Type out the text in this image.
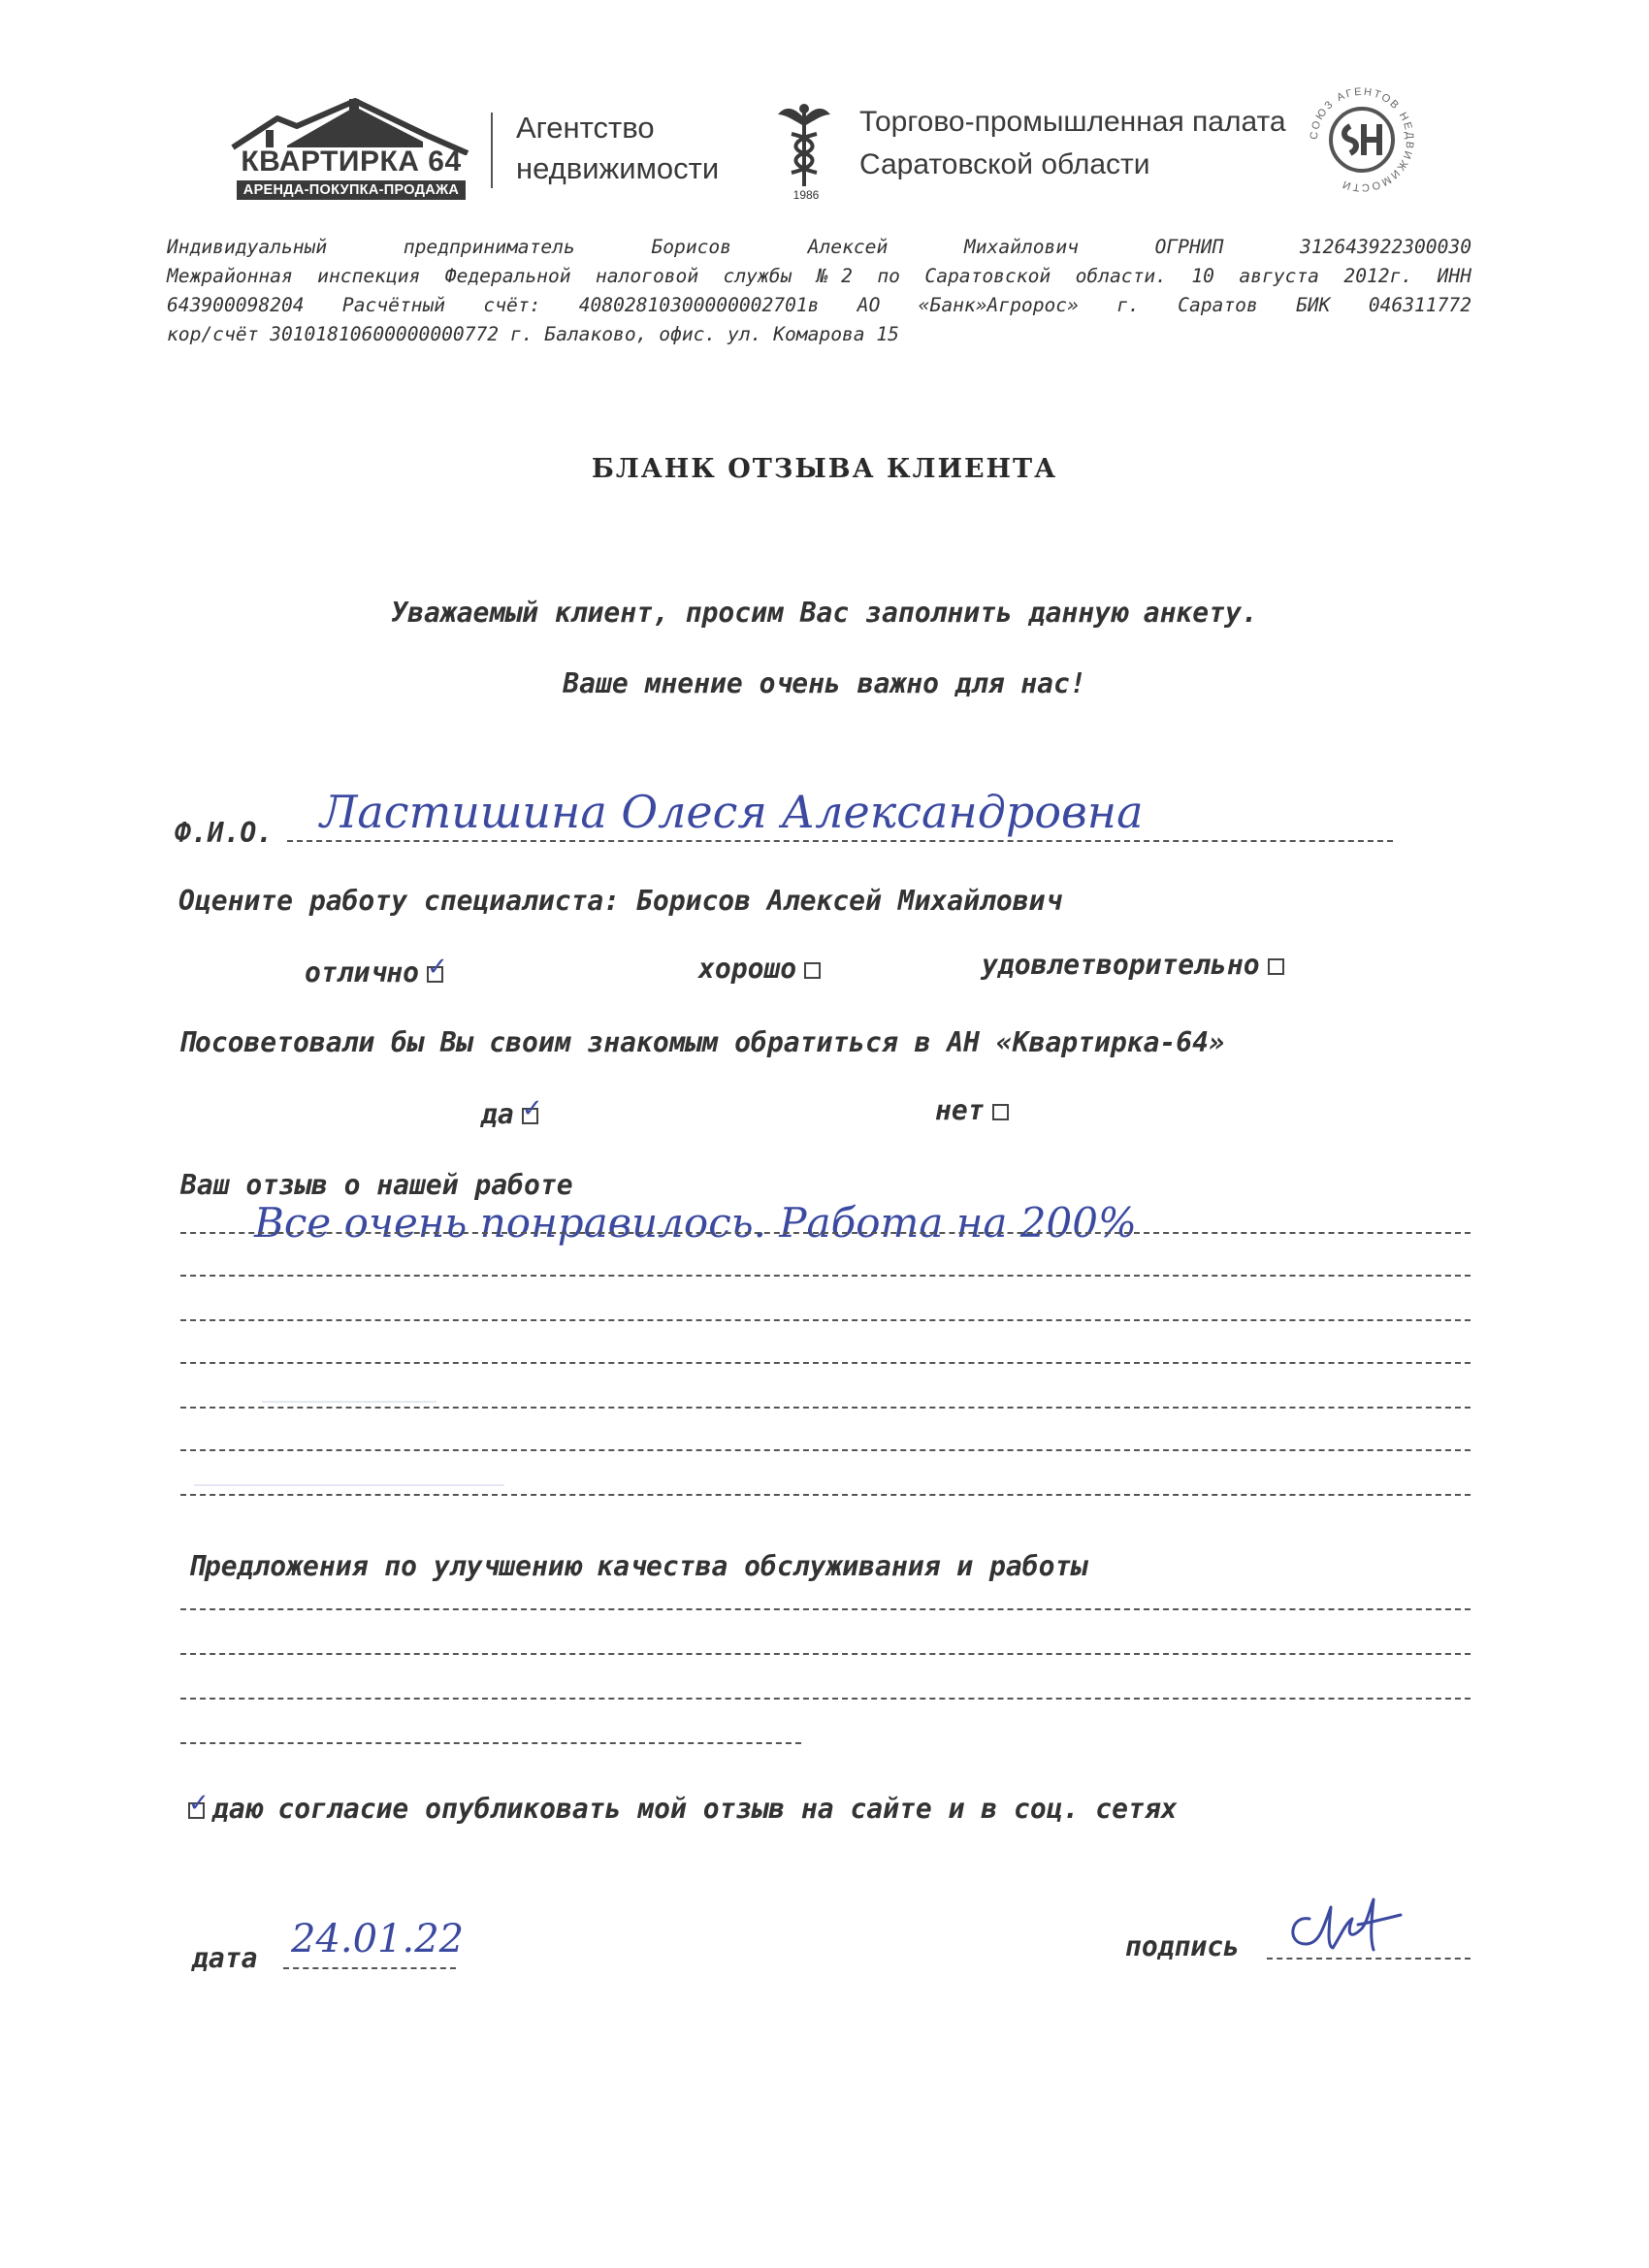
КВАРТИРКА 64
АРЕНДА-ПОКУПКА-ПРОДАЖА
Агентство
недвижимости
1986
Торгово-промышленная палата
Саратовской области
СОЮЗ АГЕНТОВ НЕДВИЖИМОСТИ
Индивидуальный предприниматель Борисов Алексей Михайлович ОГРНИП 312643922300030
Межрайонная инспекция Федеральной налоговой службы №2 по Саратовской области. 10 августа 2012г. ИНН
643900098204 Расчётный счёт: 40802810300000002701в АО «Банк»Агророс» г. Саратов БИК 046311772
кор/счёт 30101810600000000772 г. Балаково, офис. ул. Комарова 15
БЛАНК ОТЗЫВА КЛИЕНТА
Уважаемый клиент, просим Вас заполнить данную анкету.
Ваше мнение очень важно для нас!
Ф.И.О. Ластишина Олеся Александровна
Оцените работу специалиста: Борисов Алексей Михайлович
отлично ✓	хорошо	удовлетворительно
Посоветовали бы Вы своим знакомым обратиться в АН «Квартирка-64»
да ✓	нет
Ваш отзыв о нашей работе
Все очень понравилось. Работа на 200%
Предложения по улучшению качества обслуживания и работы
✓ даю согласие опубликовать мой отзыв на сайте и в соц. сетях
дата 24.01.22	подпись
